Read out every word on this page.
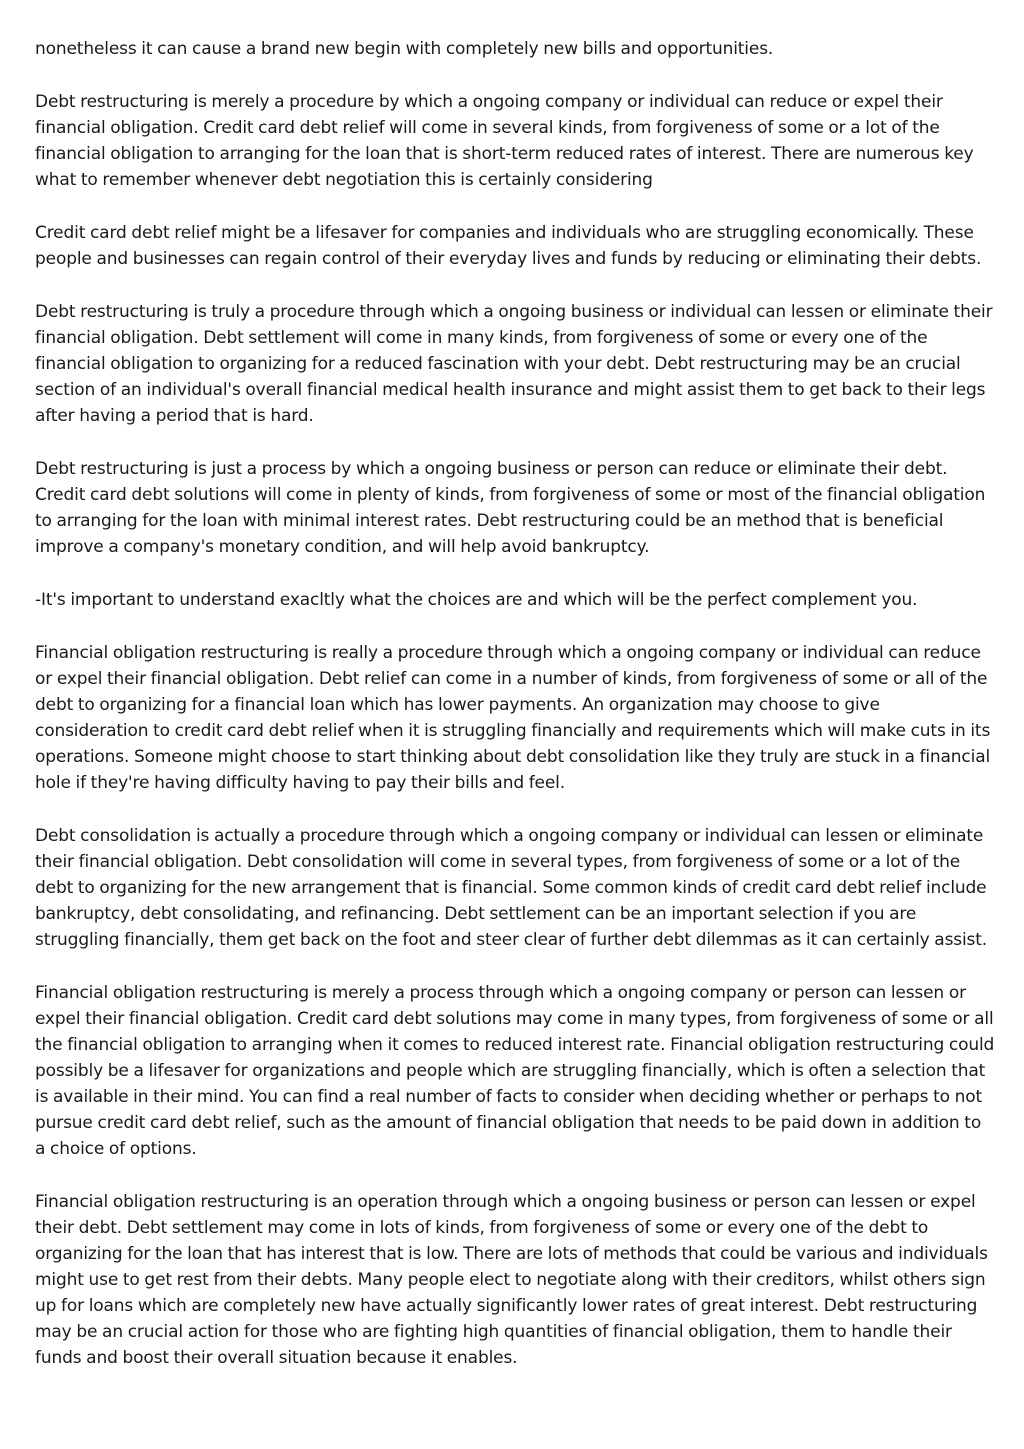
nonetheless it can cause a brand new begin with completely new bills and opportunities.

Debt restructuring is merely a procedure by which a ongoing company or individual can reduce or expel their financial obligation. Credit card debt relief will come in several kinds, from forgiveness of some or a lot of the financial obligation to arranging for the loan that is short-term reduced rates of interest. There are numerous key what to remember whenever debt negotiation this is certainly considering

Credit card debt relief might be a lifesaver for companies and individuals who are struggling economically. These people and businesses can regain control of their everyday lives and funds by reducing or eliminating their debts.

Debt restructuring is truly a procedure through which a ongoing business or individual can lessen or eliminate their financial obligation. Debt settlement will come in many kinds, from forgiveness of some or every one of the financial obligation to organizing for a reduced fascination with your debt. Debt restructuring may be an crucial section of an individual's overall financial medical health insurance and might assist them to get back to their legs after having a period that is hard.

Debt restructuring is just a process by which a ongoing business or person can reduce or eliminate their debt. Credit card debt solutions will come in plenty of kinds, from forgiveness of some or most of the financial obligation to arranging for the loan with minimal interest rates. Debt restructuring could be an method that is beneficial improve a company's monetary condition, and will help avoid bankruptcy.

-It's important to understand exacltly what the choices are and which will be the perfect complement you.

Financial obligation restructuring is really a procedure through which a ongoing company or individual can reduce or expel their financial obligation. Debt relief can come in a number of kinds, from forgiveness of some or all of the debt to organizing for a financial loan which has lower payments. An organization may choose to give consideration to credit card debt relief when it is struggling financially and requirements which will make cuts in its operations. Someone might choose to start thinking about debt consolidation like they truly are stuck in a financial hole if they're having difficulty having to pay their bills and feel.

Debt consolidation is actually a procedure through which a ongoing company or individual can lessen or eliminate their financial obligation. Debt consolidation will come in several types, from forgiveness of some or a lot of the debt to organizing for the new arrangement that is financial. Some common kinds of credit card debt relief include bankruptcy, debt consolidating, and refinancing. Debt settlement can be an important selection if you are struggling financially, them get back on the foot and steer clear of further debt dilemmas as it can certainly assist.

Financial obligation restructuring is merely a process through which a ongoing company or person can lessen or expel their financial obligation. Credit card debt solutions may come in many types, from forgiveness of some or all the financial obligation to arranging when it comes to reduced interest rate. Financial obligation restructuring could possibly be a lifesaver for organizations and people which are struggling financially, which is often a selection that is available in their mind. You can find a real number of facts to consider when deciding whether or perhaps to not pursue credit card debt relief, such as the amount of financial obligation that needs to be paid down in addition to a choice of options.

Financial obligation restructuring is an operation through which a ongoing business or person can lessen or expel their debt. Debt settlement may come in lots of kinds, from forgiveness of some or every one of the debt to organizing for the loan that has interest that is low. There are lots of methods that could be various and individuals might use to get rest from their debts. Many people elect to negotiate along with their creditors, whilst others sign up for loans which are completely new have actually significantly lower rates of great interest. Debt restructuring may be an crucial action for those who are fighting high quantities of financial obligation, them to handle their funds and boost their overall situation because it enables.
